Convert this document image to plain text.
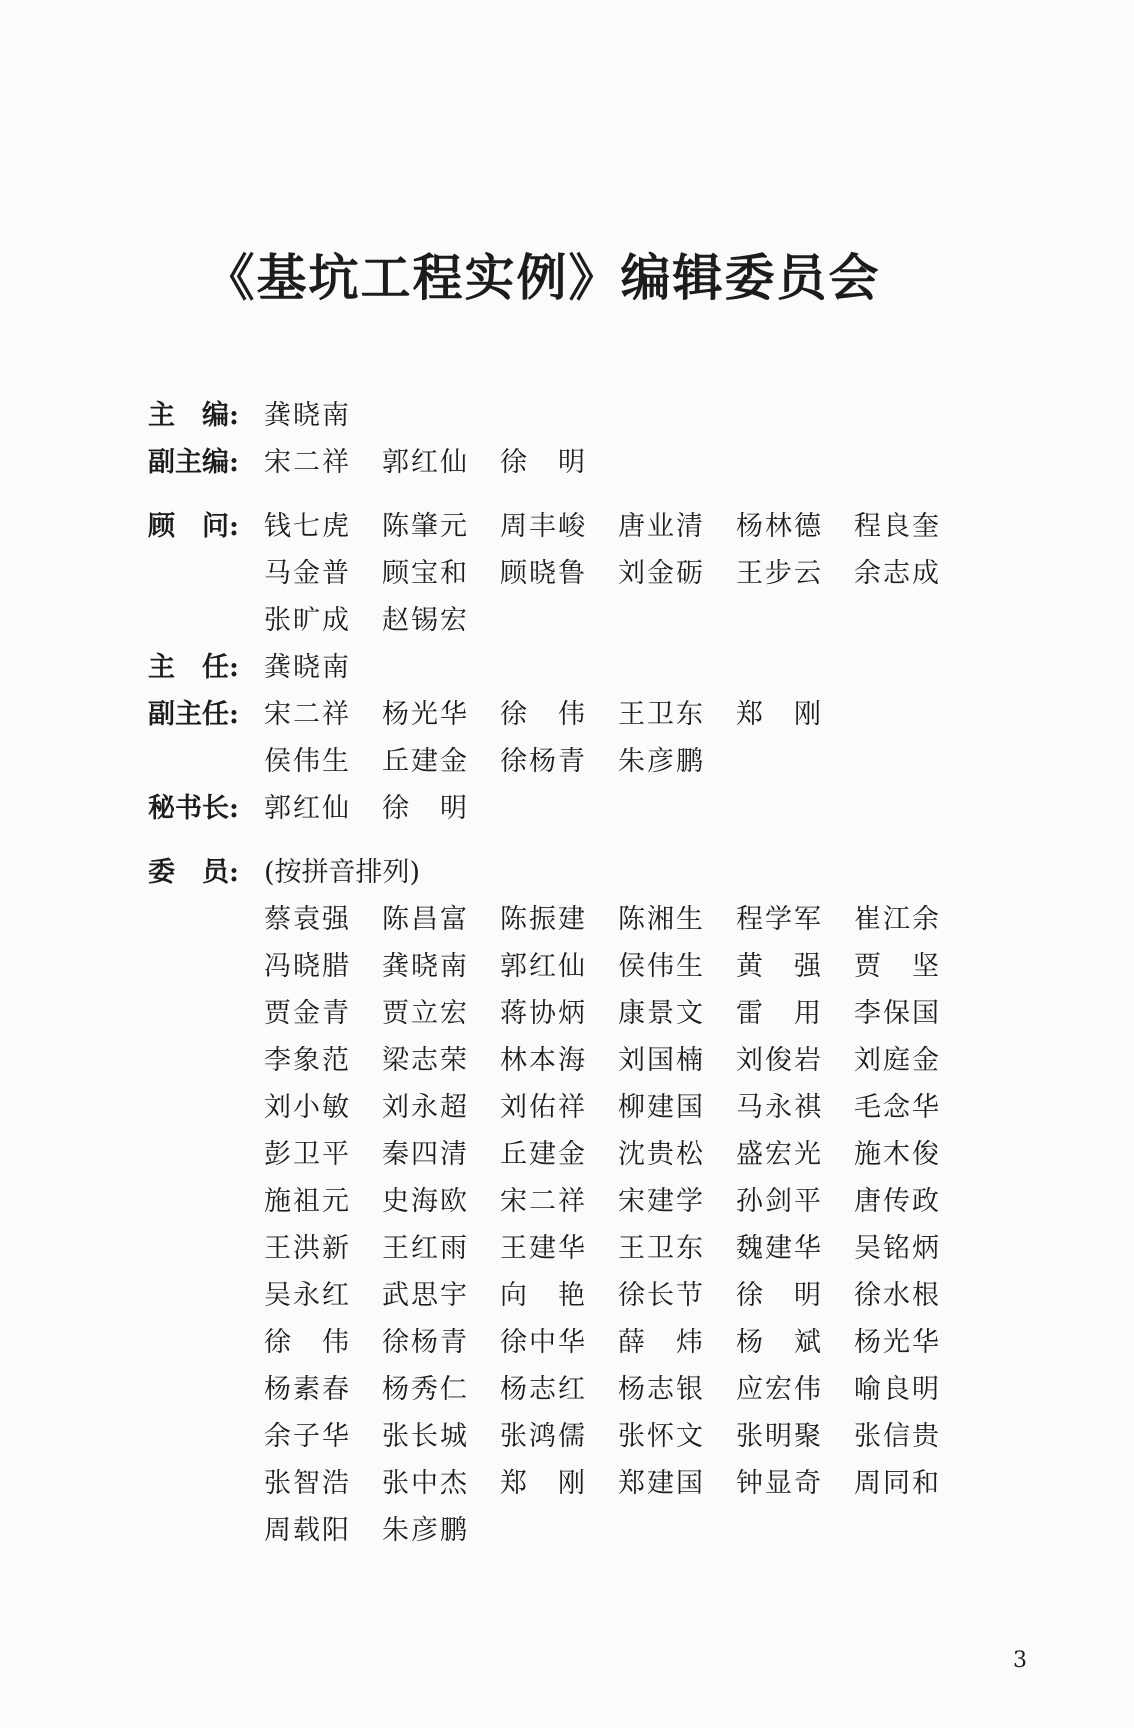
《基坑工程实例》编辑委员会
主　编: 龚晓南
副主编: 宋二祥	郭红仙	徐　明
顾　问: 钱七虎	陈肇元	周丰峻	唐业清	杨林德	程良奎
马金普	顾宝和	顾晓鲁	刘金砺	王步云	余志成
张旷成	赵锡宏
主　任: 龚晓南
副主任: 宋二祥	杨光华	徐　伟	王卫东	郑　刚
侯伟生	丘建金	徐杨青	朱彦鹏
秘书长: 郭红仙	徐　明
委　员: (按拼音排列)
蔡袁强	陈昌富	陈振建	陈湘生	程学军	崔江余
冯晓腊	龚晓南	郭红仙	侯伟生	黄　强	贾　坚
贾金青	贾立宏	蒋协炳	康景文	雷　用	李保国
李象范	梁志荣	林本海	刘国楠	刘俊岩	刘庭金
刘小敏	刘永超	刘佑祥	柳建国	马永祺	毛念华
彭卫平	秦四清	丘建金	沈贵松	盛宏光	施木俊
施祖元	史海欧	宋二祥	宋建学	孙剑平	唐传政
王洪新	王红雨	王建华	王卫东	魏建华	吴铭炳
吴永红	武思宇	向　艳	徐长节	徐　明	徐水根
徐　伟	徐杨青	徐中华	薛　炜	杨　斌	杨光华
杨素春	杨秀仁	杨志红	杨志银	应宏伟	喻良明
余子华	张长城	张鸿儒	张怀文	张明聚	张信贵
张智浩	张中杰	郑　刚	郑建国	钟显奇	周同和
周载阳	朱彦鹏
3
